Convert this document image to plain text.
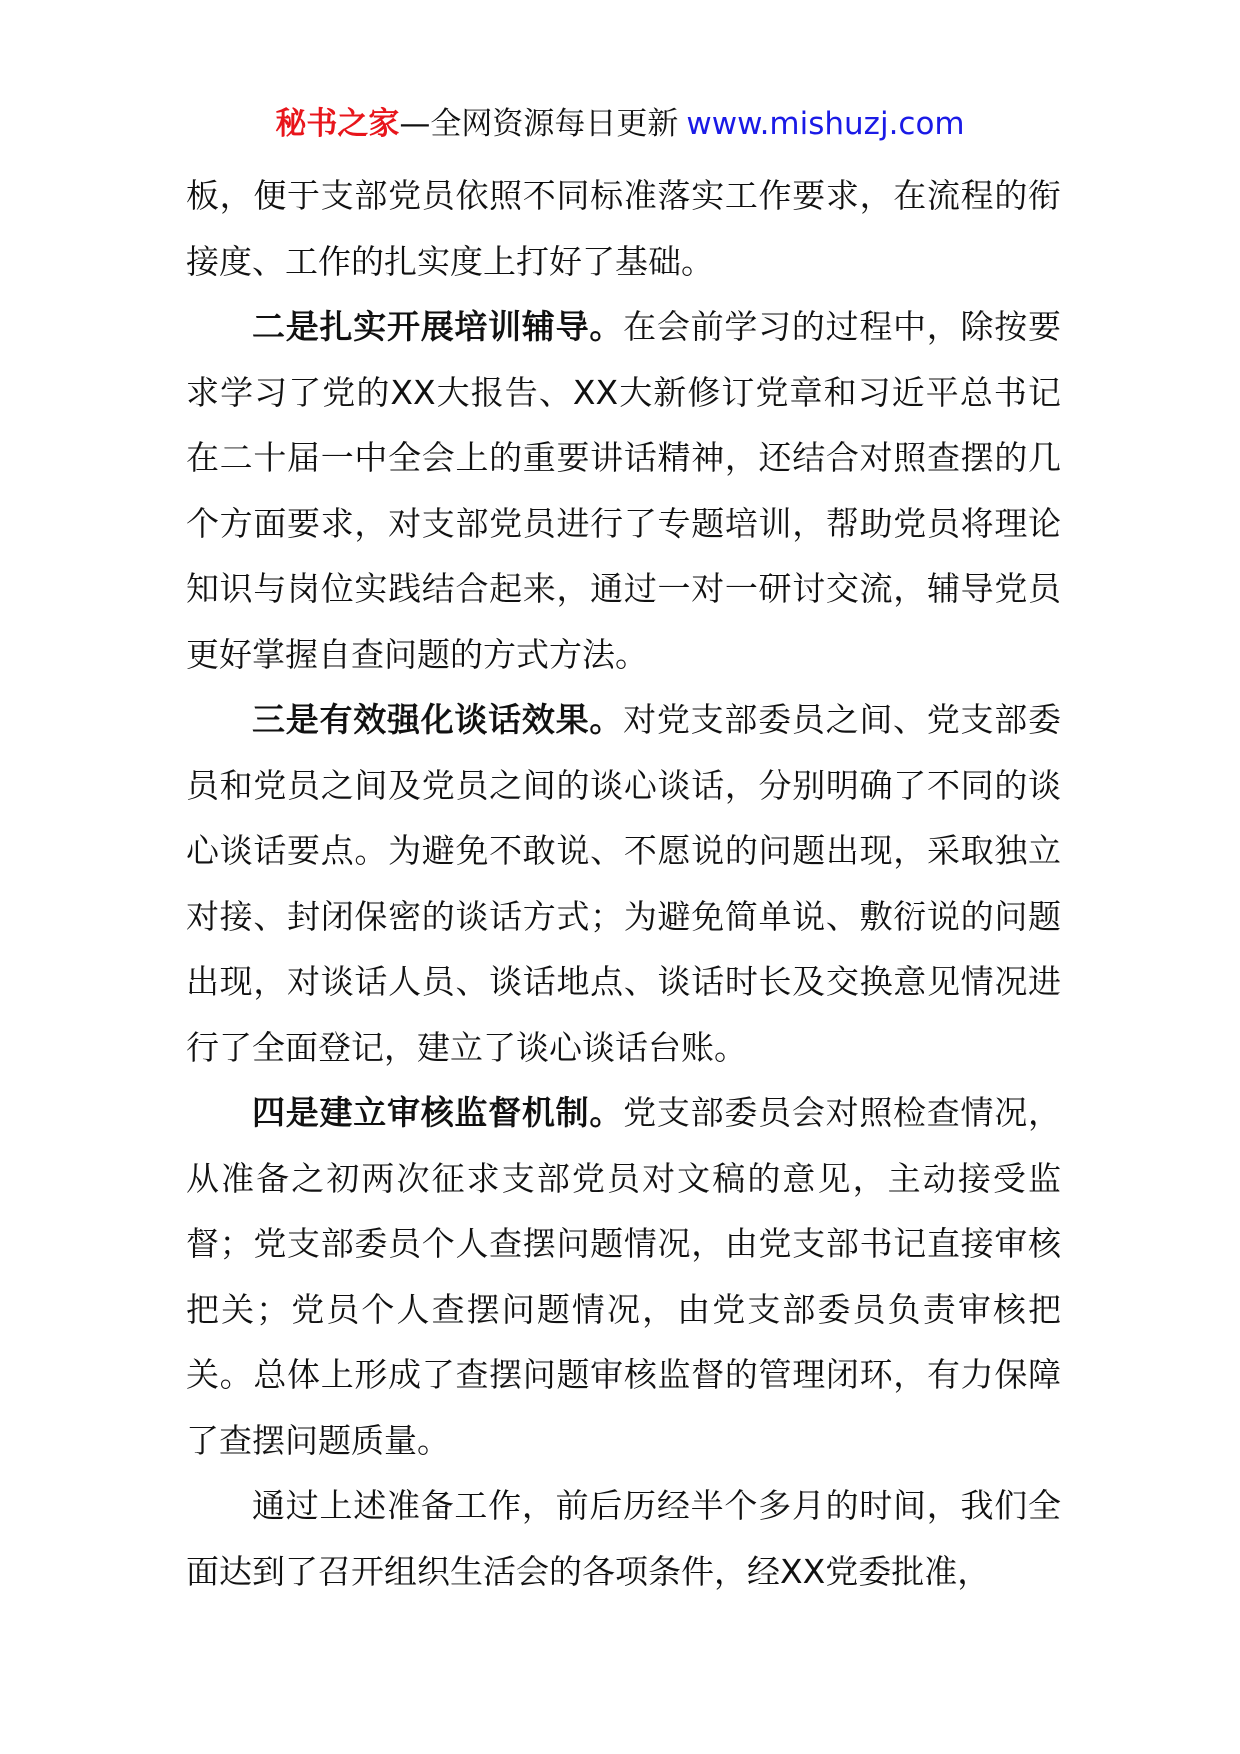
秘书之家—全网资源每日更新 www.mishuzj.com

板，便于支部党员依照不同标准落实工作要求，在流程的衔接度、工作的扎实度上打好了基础。

二是扎实开展培训辅导。在会前学习的过程中，除按要求学习了党的XX大报告、XX大新修订党章和习近平总书记在二十届一中全会上的重要讲话精神，还结合对照查摆的几个方面要求，对支部党员进行了专题培训，帮助党员将理论知识与岗位实践结合起来，通过一对一研讨交流，辅导党员更好掌握自查问题的方式方法。

三是有效强化谈话效果。对党支部委员之间、党支部委员和党员之间及党员之间的谈心谈话，分别明确了不同的谈心谈话要点。为避免不敢说、不愿说的问题出现，采取独立对接、封闭保密的谈话方式；为避免简单说、敷衍说的问题出现，对谈话人员、谈话地点、谈话时长及交换意见情况进行了全面登记，建立了谈心谈话台账。

四是建立审核监督机制。党支部委员会对照检查情况，从准备之初两次征求支部党员对文稿的意见，主动接受监督；党支部委员个人查摆问题情况，由党支部书记直接审核把关；党员个人查摆问题情况，由党支部委员负责审核把关。总体上形成了查摆问题审核监督的管理闭环，有力保障了查摆问题质量。

通过上述准备工作，前后历经半个多月的时间，我们全面达到了召开组织生活会的各项条件，经XX党委批准，
